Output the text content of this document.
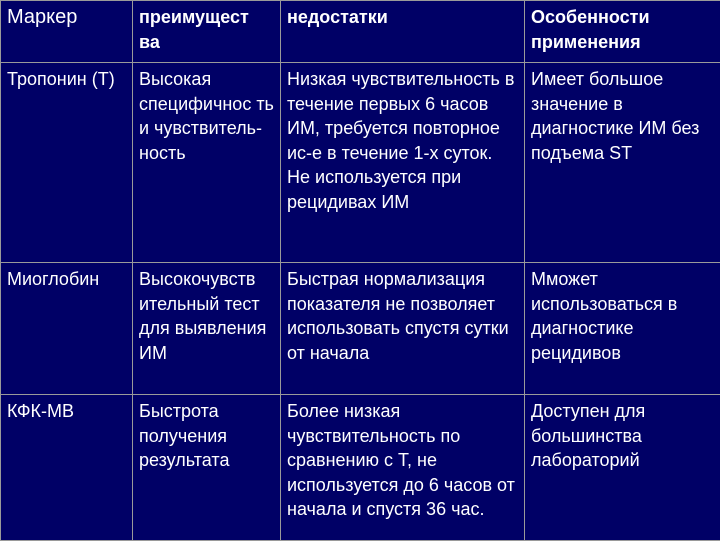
Маркер	преимущест ва	недостатки	Особенности применения
Тропонин (Т)	Высокая специфичнос ть и чувствитель-ность	Низкая чувствительность в течение первых 6 часов ИМ, требуется повторное ис-е в течение 1-х суток. Не используется при рецидивах ИМ	Имеет большое значение в диагностике ИМ без подъема ST
Миоглобин	Высокочувств ительный тест для выявления ИМ	Быстрая нормализация показателя не позволяет использовать спустя сутки от начала	Мможет использоваться в диагностике рецидивов
КФК-МВ	Быстрота получения результата	Более низкая чувствительность по сравнению с Т, не используется до 6 часов от начала и спустя 36 час.	Доступен для большинства лабораторий
